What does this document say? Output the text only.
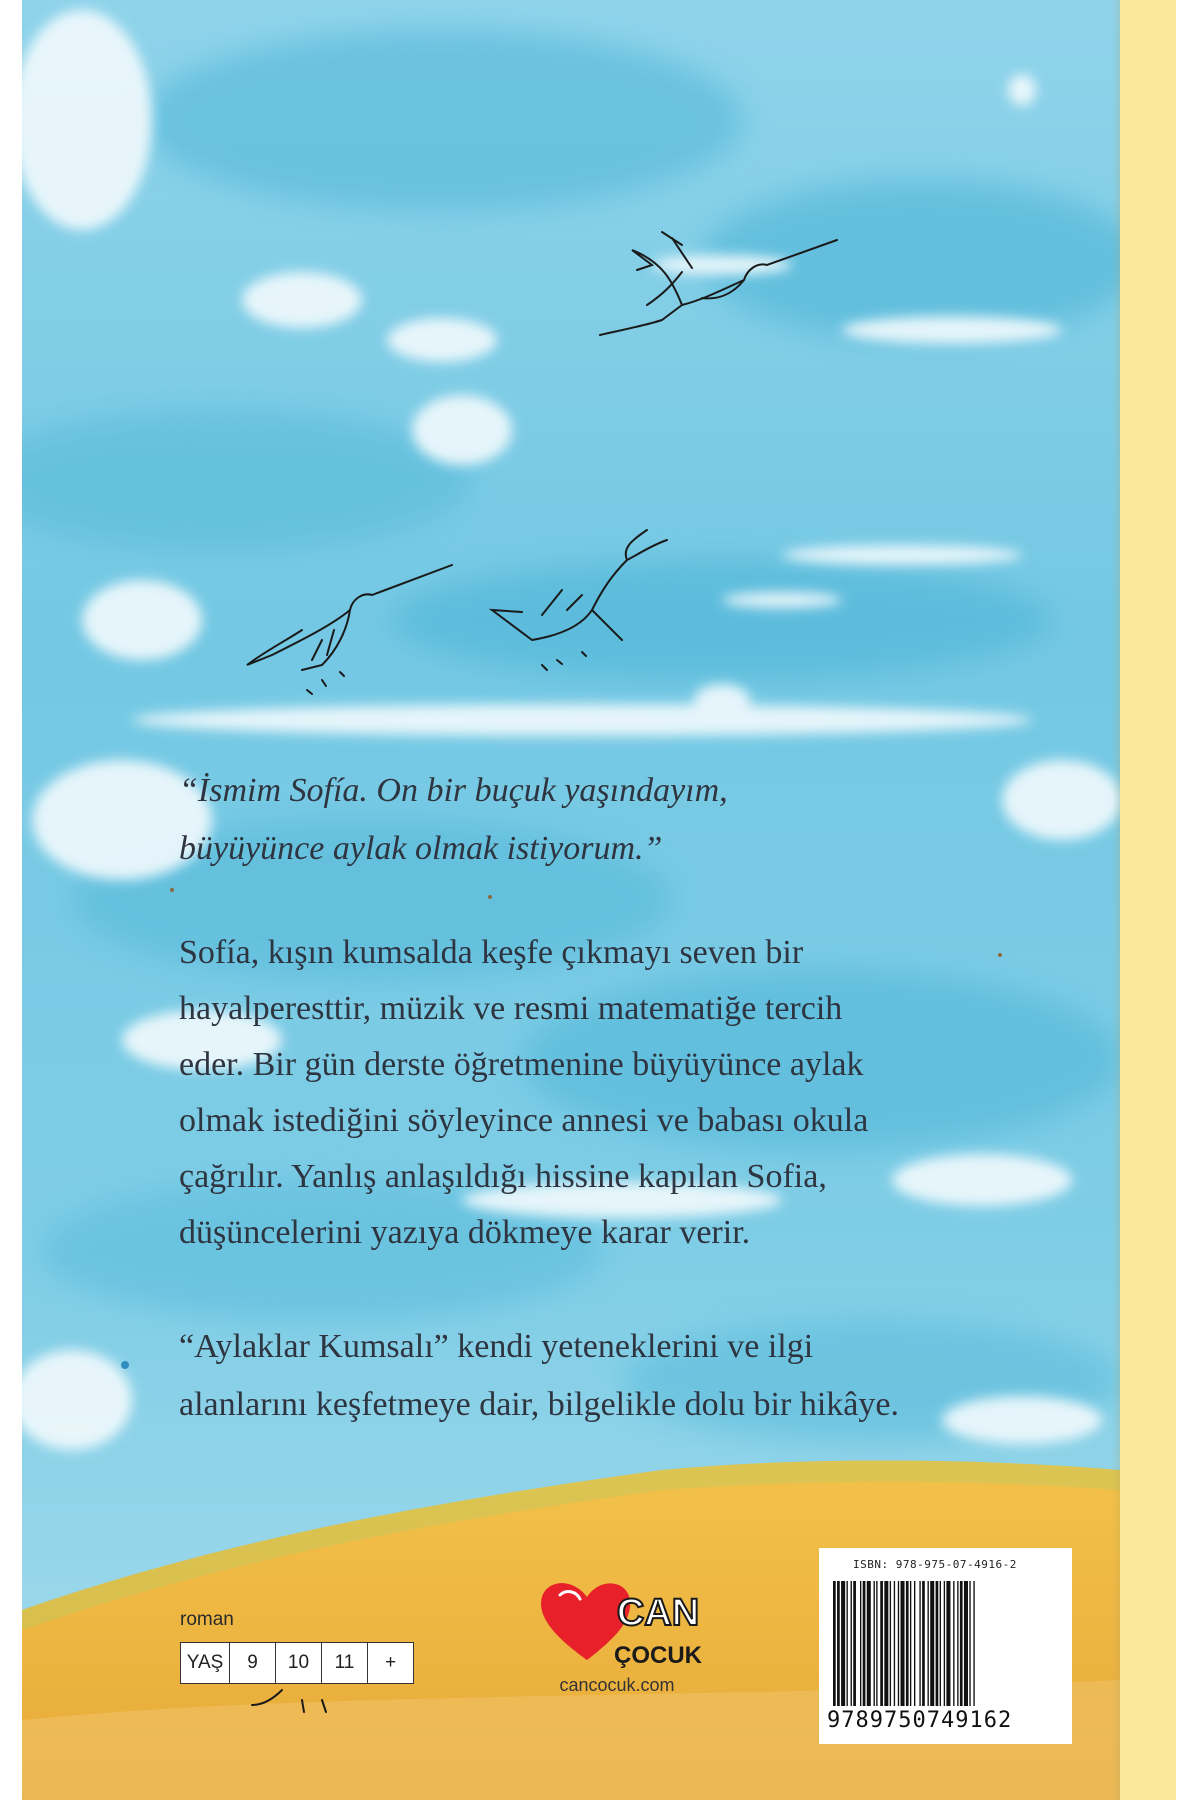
“İsmim Sofía. On bir buçuk yaşındayım,
büyüyünce aylak olmak istiyorum.”
Sofía, kışın kumsalda keşfe çıkmayı seven bir
hayalperesttir, müzik ve resmi matematiğe tercih
eder. Bir gün derste öğretmenine büyüyünce aylak
olmak istediğini söyleyince annesi ve babası okula
çağrılır. Yanlış anlaşıldığı hissine kapılan Sofia,
düşüncelerini yazıya dökmeye karar verir.
“Aylaklar Kumsalı” kendi yeteneklerini ve ilgi
alanlarını keşfetmeye dair, bilgelikle dolu bir hikâye.
roman
YAŞ	9	10	11	+
CAN
ÇOCUK
cancocuk.com
ISBN: 978-975-07-4916-2
9789750749162
